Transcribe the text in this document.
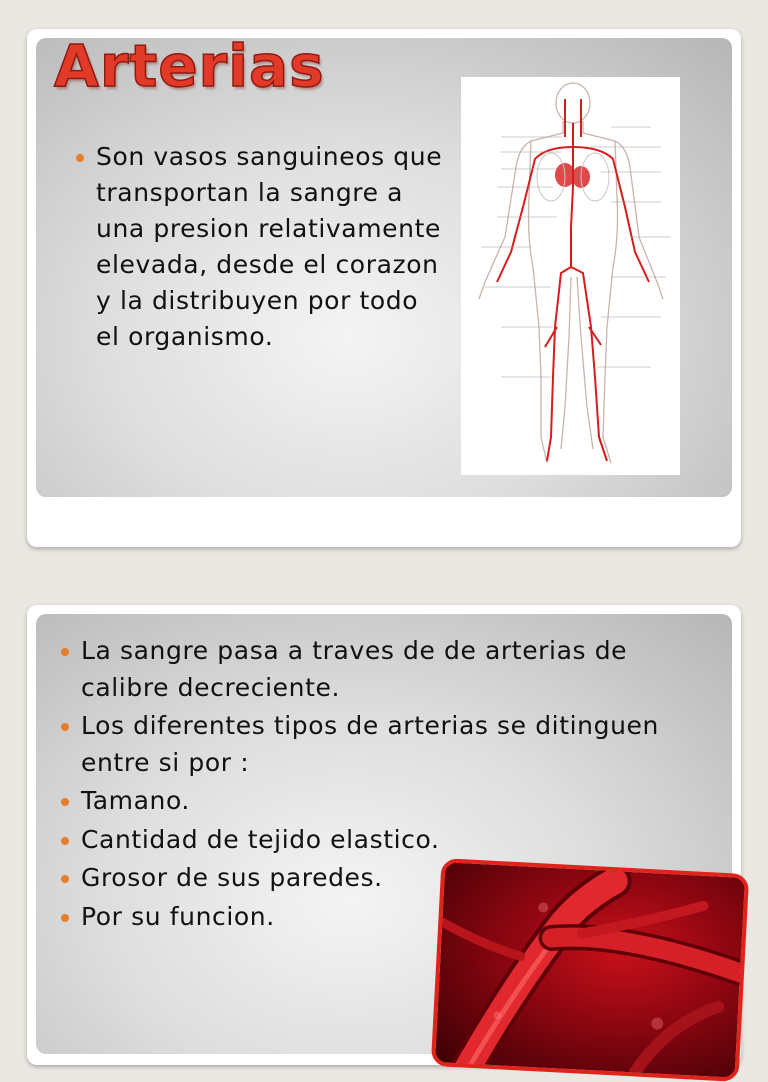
Arterias
Son vasos sanguineos que transportan la sangre a una presion relativamente elevada, desde el corazon y la distribuyen por todo el organismo.
La sangre pasa a traves de de arterias de calibre decreciente.
Los diferentes tipos de arterias se ditinguen entre si por :
Tamano.
Cantidad de tejido elastico.
Grosor de sus paredes.
Por su funcion.
